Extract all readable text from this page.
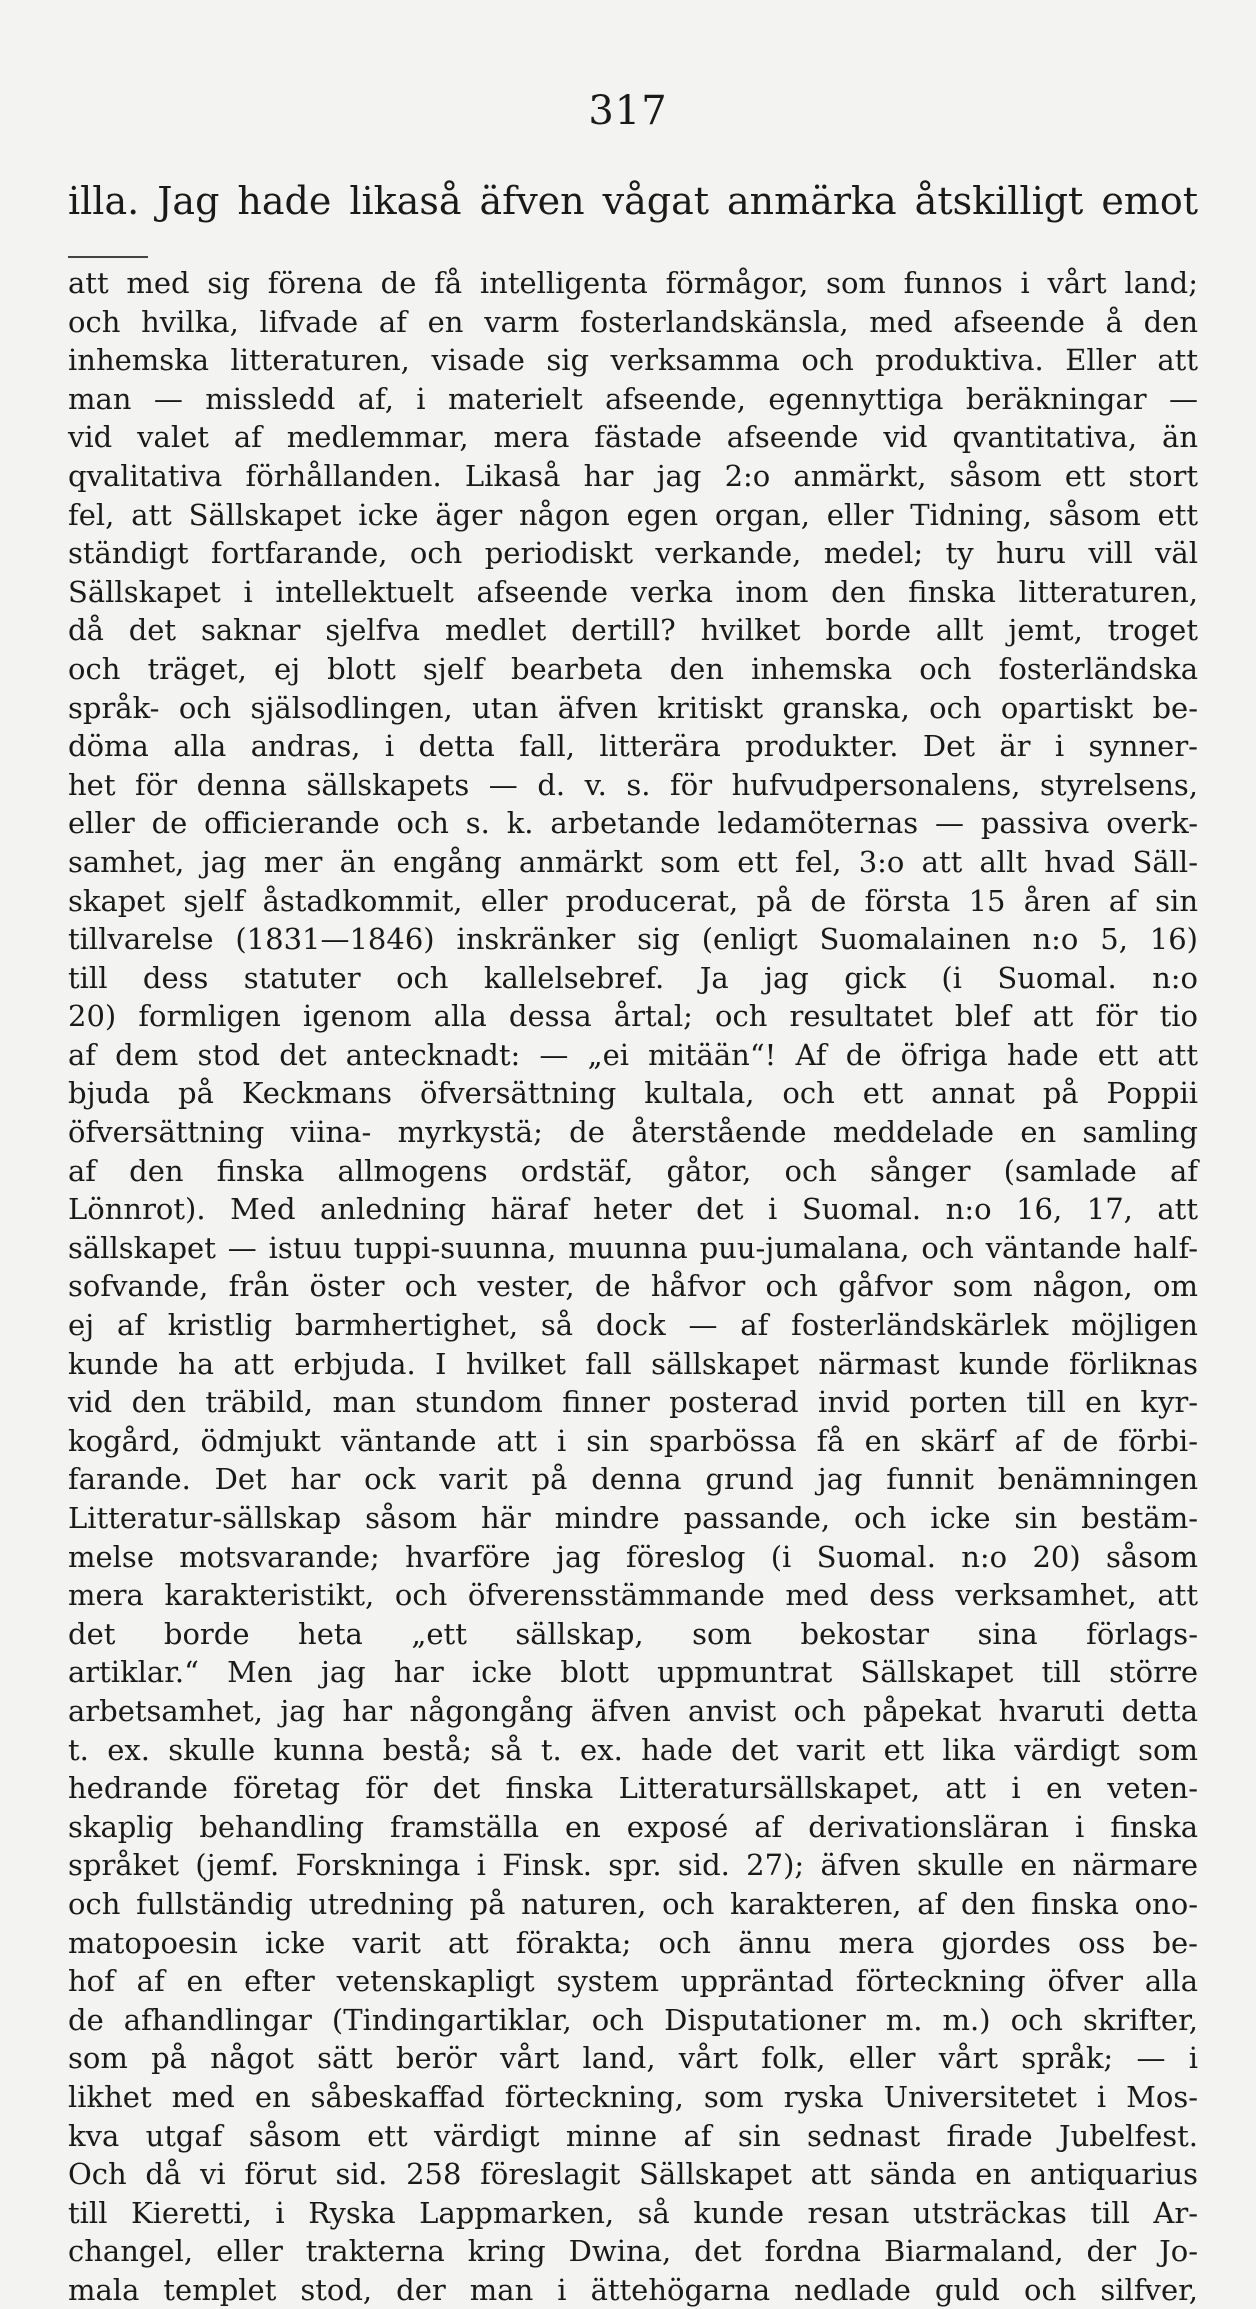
317
illa. Jag hade likaså äfven vågat anmärka åtskilligt emot
att med sig förena de få intelligenta förmågor, som funnos i vårt land;
och hvilka, lifvade af en varm fosterlandskänsla, med afseende å den
inhemska litteraturen, visade sig verksamma och produktiva. Eller att
man — missledd af, i materielt afseende, egennyttiga beräkningar —
vid valet af medlemmar, mera fästade afseende vid qvantitativa, än
qvalitativa förhållanden. Likaså har jag 2:o anmärkt, såsom ett stort
fel, att Sällskapet icke äger någon egen organ, eller Tidning, såsom ett
ständigt fortfarande, och periodiskt verkande, medel; ty huru vill väl
Sällskapet i intellektuelt afseende verka inom den finska litteraturen,
då det saknar sjelfva medlet dertill? hvilket borde allt jemt, troget
och träget, ej blott sjelf bearbeta den inhemska och fosterländska
språk- och själsodlingen, utan äfven kritiskt granska, och opartiskt be-
döma alla andras, i detta fall, litterära produkter. Det är i synner-
het för denna sällskapets — d. v. s. för hufvudpersonalens, styrelsens,
eller de officierande och s. k. arbetande ledamöternas — passiva overk-
samhet, jag mer än engång anmärkt som ett fel, 3:o att allt hvad Säll-
skapet sjelf åstadkommit, eller producerat, på de första 15 åren af sin
tillvarelse (1831—1846) inskränker sig (enligt Suomalainen n:o 5, 16)
till dess statuter och kallelsebref. Ja jag gick (i Suomal. n:o
20) formligen igenom alla dessa årtal; och resultatet blef att för tio
af dem stod det antecknadt: — „ei mitään“! Af de öfriga hade ett att
bjuda på Keckmans öfversättning kultala, och ett annat på Poppii
öfversättning viina- myrkystä; de återstående meddelade en samling
af den finska allmogens ordstäf, gåtor, och sånger (samlade af
Lönnrot). Med anledning häraf heter det i Suomal. n:o 16, 17, att
sällskapet — istuu tuppi-suunna, muunna puu-jumalana, och väntande half-
sofvande, från öster och vester, de håfvor och gåfvor som någon, om
ej af kristlig barmhertighet, så dock — af fosterländskärlek möjligen
kunde ha att erbjuda. I hvilket fall sällskapet närmast kunde förliknas
vid den träbild, man stundom finner posterad invid porten till en kyr-
kogård, ödmjukt väntande att i sin sparbössa få en skärf af de förbi-
farande. Det har ock varit på denna grund jag funnit benämningen
Litteratur-sällskap såsom här mindre passande, och icke sin bestäm-
melse motsvarande; hvarföre jag föreslog (i Suomal. n:o 20) såsom
mera karakteristikt, och öfverensstämmande med dess verksamhet, att
det borde heta „ett sällskap, som bekostar sina förlags-
artiklar.“ Men jag har icke blott uppmuntrat Sällskapet till större
arbetsamhet, jag har någongång äfven anvist och påpekat hvaruti detta
t. ex. skulle kunna bestå; så t. ex. hade det varit ett lika värdigt som
hedrande företag för det finska Litteratursällskapet, att i en veten-
skaplig behandling framställa en exposé af derivationsläran i finska
språket (jemf. Forskninga i Finsk. spr. sid. 27); äfven skulle en närmare
och fullständig utredning på naturen, och karakteren, af den finska ono-
matopoesin icke varit att förakta; och ännu mera gjordes oss be-
hof af en efter vetenskapligt system uppräntad förteckning öfver alla
de afhandlingar (Tindingartiklar, och Disputationer m. m.) och skrifter,
som på något sätt berör vårt land, vårt folk, eller vårt språk; — i
likhet med en såbeskaffad förteckning, som ryska Universitetet i Mos-
kva utgaf såsom ett värdigt minne af sin sednast firade Jubelfest.
Och då vi förut sid. 258 föreslagit Sällskapet att sända en antiquarius
till Kieretti, i Ryska Lappmarken, så kunde resan utsträckas till Ar-
changel, eller trakterna kring Dwina, det fordna Biarmaland, der Jo-
mala templet stod, der man i ättehögarna nedlade guld och silfver,
